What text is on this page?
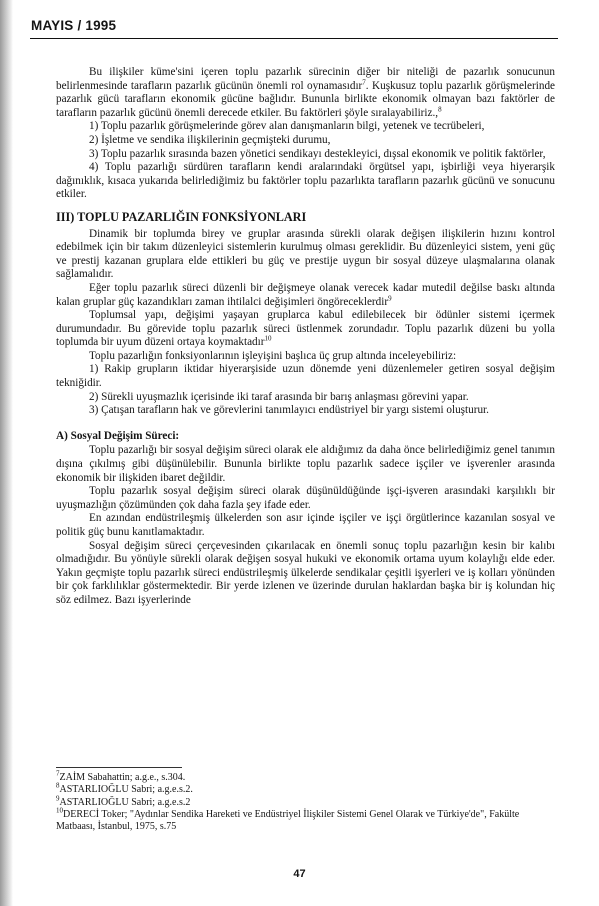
MAYIS / 1995

Bu ilişkiler küme'sini içeren toplu pazarlık sürecinin diğer bir niteliği de pazarlık sonucunun belirlenmesinde tarafların pazarlık gücünün önemli rol oynamasıdır$^7$. Kuşkusuz toplu pazarlık görüşmelerinde pazarlık gücü tarafların ekonomik gücüne bağlıdır. Bununla birlikte ekonomik olmayan bazı faktörler de tarafların pazarlık gücünü önemli derecede etkiler. Bu faktörleri şöyle sıralayabiliriz.,$^8$

1) Toplu pazarlık görüşmelerinde görev alan danışmanların bilgi, yetenek ve tecrübeleri,

2) İşletme ve sendika ilişkilerinin geçmişteki durumu,

3) Toplu pazarlık sırasında bazen yönetici sendikayı destekleyici, dışsal ekonomik ve politik faktörler,

4) Toplu pazarlığı sürdüren tarafların kendi aralarındaki örgütsel yapı, işbirliği veya hiyerarşik dağınıklık, kısaca yukarıda belirlediğimiz bu faktörler toplu pazarlıkta tarafların pazarlık gücünü ve sonucunu etkiler.

III) TOPLU PAZARLIĞIN FONKSİYONLARI

Dinamik bir toplumda birey ve gruplar arasında sürekli olarak değişen ilişkilerin hızını kontrol edebilmek için bir takım düzenleyici sistemlerin kurulmuş olması gereklidir. Bu düzenleyici sistem, yeni güç ve prestij kazanan gruplara elde ettikleri bu güç ve prestije uygun bir sosyal düzeye ulaşmalarına olanak sağlamalıdır.

Eğer toplu pazarlık süreci düzenli bir değişmeye olanak verecek kadar mutedil değilse baskı altında kalan gruplar güç kazandıkları zaman ihtilalci değişimleri öngöreceklerdir$^9$

Toplumsal yapı, değişimi yaşayan gruplarca kabul edilebilecek bir ödünler sistemi içermek durumundadır. Bu görevide toplu pazarlık süreci üstlenmek zorundadır. Toplu pazarlık düzeni bu yolla toplumda bir uyum düzeni ortaya koymaktadır$^{10}$

Toplu pazarlığın fonksiyonlarının işleyişini başlıca üç grup altında inceleyebiliriz:

1) Rakip grupların iktidar hiyerarşiside uzun dönemde yeni düzenlemeler getiren sosyal değişim tekniğidir.

2) Sürekli uyuşmazlık içerisinde iki taraf arasında bir barış anlaşması görevini yapar.

3) Çatışan tarafların hak ve görevlerini tanımlayıcı endüstriyel bir yargı sistemi oluşturur.

A) Sosyal Değişim Süreci:

Toplu pazarlığı bir sosyal değişim süreci olarak ele aldığımız da daha önce belirlediğimiz genel tanımın dışına çıkılmış gibi düşünülebilir. Bununla birlikte toplu pazarlık sadece işçiler ve işverenler arasında ekonomik bir ilişkiden ibaret değildir.

Toplu pazarlık sosyal değişim süreci olarak düşünüldüğünde işçi-işveren arasındaki karşılıklı bir uyuşmazlığın çözümünden çok daha fazla şey ifade eder.

En azından endüstrileşmiş ülkelerden son asır içinde işçiler ve işçi örgütlerince kazanılan sosyal ve politik güç bunu kanıtlamaktadır.

Sosyal değişim süreci çerçevesinden çıkarılacak en önemli sonuç toplu pazarlığın kesin bir kalıbı olmadığıdır. Bu yönüyle sürekli olarak değişen sosyal hukuki ve ekonomik ortama uyum kolaylığı elde eder. Yakın geçmişte toplu pazarlık süreci endüstrileşmiş ülkelerde sendikalar çeşitli işyerleri ve iş kolları yönünden bir çok farklılıklar göstermektedir. Bir yerde izlenen ve üzerinde durulan haklardan başka bir iş kolundan hiç söz edilmez. Bazı işyerlerinde

$^7$ZAİM Sabahattin; a.g.e., s.304.

$^8$ASTARLIOĞLU Sabri; a.g.e.s.2.

$^9$ASTARLIOĞLU Sabri; a.g.e.s.2

$^{10}$DERECİ Toker; "Aydınlar Sendika Hareketi ve Endüstriyel İlişkiler Sistemi Genel Olarak ve Türkiye'de", Fakülte Matbaası, İstanbul, 1975, s.75

47
